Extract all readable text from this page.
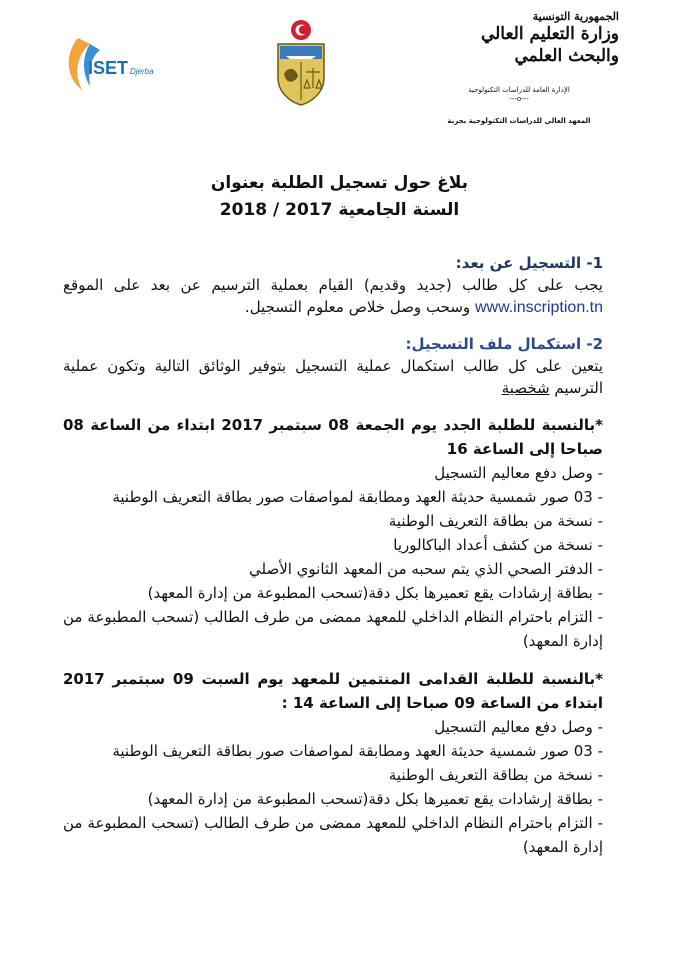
ISET Djerba
الجمهورية التونسية
وزارة التعليم العالي
والبحث العلمي
الإدارة العامة للدراسات التكنولوجية
---o---
المعهد العالي للدراسات التكنولوجية بجربة
بلاغ حول تسجيل الطلبة بعنوان
السنة الجامعية 2017 / 2018
1- التسجيل عن بعد:
يجب على كل طالب (جديد وقديم) القيام بعملية الترسيم عن بعد على الموقع www.inscription.tn وسحب وصل خلاص معلوم التسجيل.
2- استكمال ملف التسجيل:
يتعين على كل طالب استكمال عملية التسجيل بتوفير الوثائق التالية وتكون عملية الترسيم شخصية
*بالنسبة للطلبة الجدد يوم الجمعة 08 سبتمبر 2017 ابتداء من الساعة 08 صباحا إلى الساعة 16
- وصل دفع معاليم التسجيل
- 03 صور شمسية حديثة العهد ومطابقة لمواصفات صور بطاقة التعريف الوطنية
- نسخة من بطاقة التعريف الوطنية
- نسخة من كشف أعداد الباكالوريا
- الدفتر الصحي الذي يتم سحبه من المعهد الثانوي الأصلي
- بطاقة إرشادات يقع تعميرها بكل دقة(تسحب المطبوعة من إدارة المعهد)
- التزام باحترام النظام الداخلي للمعهد ممضى من طرف الطالب (تسحب المطبوعة من إدارة المعهد)
*بالنسبة للطلبة القدامى المنتمين للمعهد يوم السبت 09 سبتمبر 2017 ابتداء من الساعة 09 صباحا إلى الساعة 14 :
- وصل دفع معاليم التسجيل
- 03 صور شمسية حديثة العهد ومطابقة لمواصفات صور بطاقة التعريف الوطنية
- نسخة من بطاقة التعريف الوطنية
- بطاقة إرشادات يقع تعميرها بكل دقة(تسحب المطبوعة من إدارة المعهد)
- التزام باحترام النظام الداخلي للمعهد ممضى من طرف الطالب (تسحب المطبوعة من إدارة المعهد)
